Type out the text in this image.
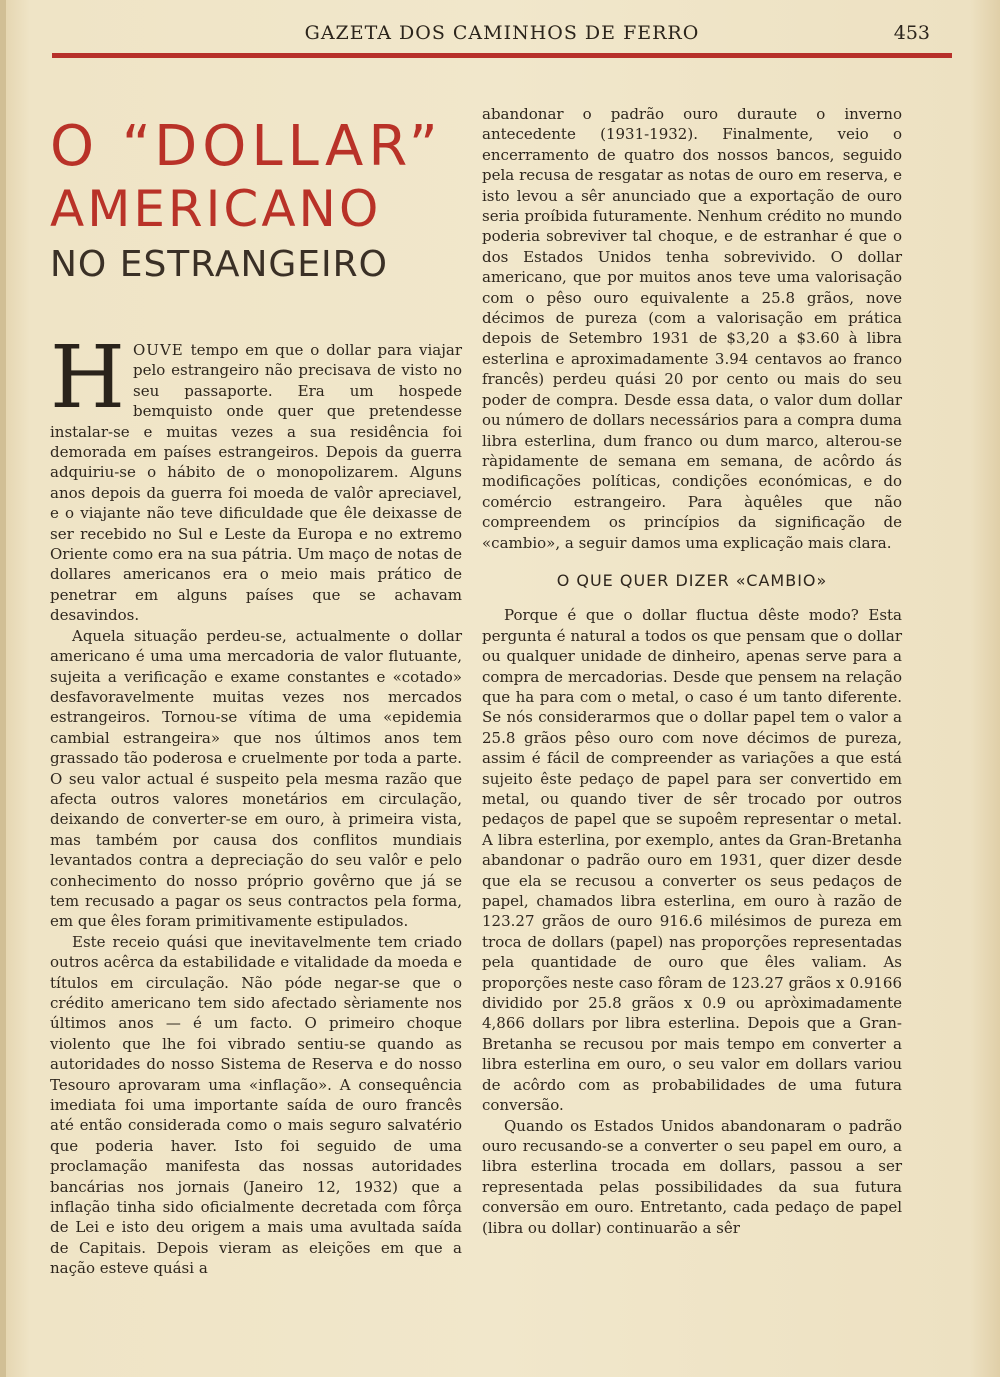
GAZETA DOS CAMINHOS DE FERRO	453
O “DOLLAR”
AMERICANO
NO ESTRANGEIRO

HOUVE tempo em que o dollar para viajar pelo estrangeiro não precisava de visto no seu passaporte. Era um hospede bemquisto onde quer que pretendesse instalar-se e muitas vezes a sua residência foi demorada em países estrangeiros. Depois da guerra adquiriu-se o hábito de o monopolizarem. Alguns anos depois da guerra foi moeda de valôr apreciavel, e o viajante não teve dificuldade que êle deixasse de ser recebido no Sul e Leste da Europa e no extremo Oriente como era na sua pátria. Um maço de notas de dollares americanos era o meio mais prático de penetrar em alguns países que se achavam desavindos.

Aquela situação perdeu-se, actualmente o dollar americano é uma uma mercadoria de valor flutuante, sujeita a verificação e exame constantes e «cotado» desfavoravelmente muitas vezes nos mercados estrangeiros. Tornou-se vítima de uma «epidemia cambial estrangeira» que nos últimos anos tem grassado tão poderosa e cruelmente por toda a parte. O seu valor actual é suspeito pela mesma razão que afecta outros valores monetários em circulação, deixando de converter-se em ouro, à primeira vista, mas também por causa dos conflitos mundiais levantados contra a depreciação do seu valôr e pelo conhecimento do nosso próprio govêrno que já se tem recusado a pagar os seus contractos pela forma, em que êles foram primitivamente estipulados.

Este receio quási que inevitavelmente tem criado outros acêrca da estabilidade e vitalidade da moeda e títulos em circulação. Não póde negar-se que o crédito americano tem sido afectado sèriamente nos últimos anos — é um facto. O primeiro choque violento que lhe foi vibrado sentiu-se quando as autoridades do nosso Sistema de Reserva e do nosso Tesouro aprovaram uma «inflação». A consequência imediata foi uma importante saída de ouro francês até então considerada como o mais seguro salvatério que poderia haver. Isto foi seguido de uma proclamação manifesta das nossas autoridades bancárias nos jornais (Janeiro 12, 1932) que a inflação tinha sido oficialmente decretada com fôrça de Lei e isto deu origem a mais uma avultada saída de Capitais. Depois vieram as eleições em que a nação esteve quási a

abandonar o padrão ouro duraute o inverno antecedente (1931-1932). Finalmente, veio o encerramento de quatro dos nossos bancos, seguido pela recusa de resgatar as notas de ouro em reserva, e isto levou a sêr anunciado que a exportação de ouro seria proíbida futuramente. Nenhum crédito no mundo poderia sobreviver tal choque, e de estranhar é que o dos Estados Unidos tenha sobrevivido. O dollar americano, que por muitos anos teve uma valorisação com o pêso ouro equivalente a 25.8 grãos, nove décimos de pureza (com a valorisação em prática depois de Setembro 1931 de $3,20 a $3.60 à libra esterlina e aproximadamente 3.94 centavos ao franco francês) perdeu quási 20 por cento ou mais do seu poder de compra. Desde essa data, o valor dum dollar ou número de dollars necessários para a compra duma libra esterlina, dum franco ou dum marco, alterou-se ràpidamente de semana em semana, de acôrdo ás modificações políticas, condições económicas, e do comércio estrangeiro. Para àquêles que não compreendem os princípios da significação de «cambio», a seguir damos uma explicação mais clara.

O QUE QUER DIZER «CAMBIO»

Porque é que o dollar fluctua dêste modo? Esta pergunta é natural a todos os que pensam que o dollar ou qualquer unidade de dinheiro, apenas serve para a compra de mercadorias. Desde que pensem na relação que ha para com o metal, o caso é um tanto diferente. Se nós considerarmos que o dollar papel tem o valor a 25.8 grãos pêso ouro com nove décimos de pureza, assim é fácil de compreender as variações a que está sujeito êste pedaço de papel para ser convertido em metal, ou quando tiver de sêr trocado por outros pedaços de papel que se supoêm representar o metal. A libra esterlina, por exemplo, antes da Gran-Bretanha abandonar o padrão ouro em 1931, quer dizer desde que ela se recusou a converter os seus pedaços de papel, chamados libra esterlina, em ouro à razão de 123.27 grãos de ouro 916.6 milésimos de pureza em troca de dollars (papel) nas proporções representadas pela quantidade de ouro que êles valiam. As proporções neste caso fôram de 123.27 grãos x 0.9166 dividido por 25.8 grãos x 0.9 ou apròximadamente 4,866 dollars por libra esterlina. Depois que a Gran-Bretanha se recusou por mais tempo em converter a libra esterlina em ouro, o seu valor em dollars variou de acôrdo com as probabilidades de uma futura conversão.

Quando os Estados Unidos abandonaram o padrão ouro recusando-se a converter o seu papel em ouro, a libra esterlina trocada em dollars, passou a ser representada pelas possibilidades da sua futura conversão em ouro. Entretanto, cada pedaço de papel (libra ou dollar) continuarão a sêr
